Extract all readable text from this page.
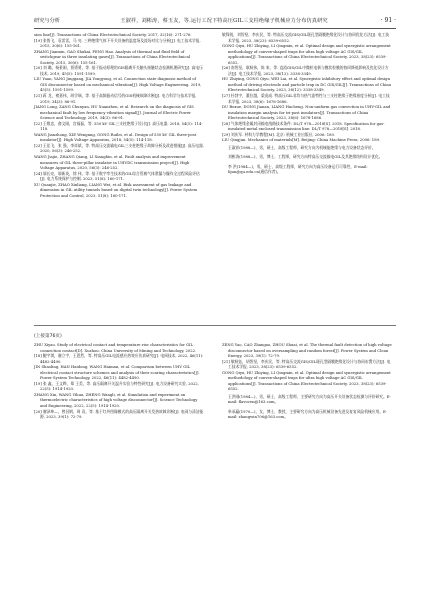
研究与分析	王淑祥，刘彬涛，蔡玉友，等.运行工况下特高压GIL三支柱绝缘子机械应力分布仿真研究	· 91 ·

sion line[J]. Transactions of China Electrotechnical Society, 2017, 32(16): 271-276.

[19] 张鲁飞，袁雷雷，马 亮. 三种绝缘气体下开关设备的温度场及流场对比与分析[J]. 电工技术学报, 2015, 30(6): 155-161.

ZHANG Jianmin, GAO Shukai, FENG Hao. Analysis of thermal and fluid field of switchgear in three insulating gases[J]. Transactions of China Electrotechnical Society, 2015, 30(6): 155-161.

[20] 刘 璐，杨景刚，贾勇勇，等. 基于振动原理的GIS隔离开关触头接触状态检测机理研究[J]. 高电压技术, 2019, 45(5): 1591-1599.

LIU Yuan, YANG Jinggang, JIA Yongyong, et al. Connection state diagnosis method of GIS disconnector based on mechanical vibration[J]. High Voltage Engineering, 2019, 45(5): 1591-1599.

[21] 蒋 龙，褚嘉伟，胡学瑞，等. 基于高频振动信号的GIS机械故障诊断[J]. 电力科学与技术学报, 2019, 34(3): 86-91.

JIANG Long, ZANG Chunyan, HU Xuanzhen, et al. Research on the diagnosis of GIS mechanical fault by low frequency vibration signal[J]. Journal of Electric Power Science and Technology, 2019, 34(3): 86-91.

[22] 王敬忠，俞文刚，宫福磊，等. 550 kV GIL三支柱绝缘子设计[J]. 高压电器, 2018, 54(5): 114-118.

WANG Jianzhong, XIE Wengang, GONG Ruilei, et al. Design of 550 kV GIL three-post insulator[J]. High Voltage Apparatus, 2018, 54(5): 114-118.

[23] 王佳飞，张 强，李祥斌，等. 特高压交流输电GIL三支柱绝缘子故障分析及改进措施[J]. 高压电器, 2020, 56(3): 246-252.

WANG Jiajie, ZHANG Qiang, LI Xiangbin, et al. Fault analysis and improvement measures of GIL three-pillar insulator in UHVDC transmission project[J]. High Voltage Apparatus, 2020, 56(3): 246-252.

[24] 邬长亮，邬新英，徐 伟，等. 基于数字孪生技术的GIL综合管廊气体泄漏与爆炸全过程风险评估[J]. 电力系统保护与控制, 2023, 51(8): 160-171.

XU Quanjie, ZHAO Xinliang, LIANG Wei, et al. Risk assessment of gas leakage and dimension in GIL utility tunnels based on digital twin technology[J]. Power System Protection and Control, 2023, 51(8): 160-171.

敏锋锐，刘智坚，李庆民，等. 特高压交流GIS/GIL斑孔型隔膜绝缘化设计与协同优化方法[J]. 电工技术学报, 2023, 38(23): 6539-6552.

GONG Qiyu, HU Zhiying, LI Qingmin, et al. Optimal design and synergistic arrangement methodology of convex-shaped traps for ultra high voltage AC GIS/GIL applications[J]. Transactions of China Electrotechnical Society, 2023, 38(23): 6539-6552.

[26] 南智坚，耿秋伟，陈 家，等. 直流GIS/GIL中微粒电极与膜状粒膜的协同降低影响及优化设计方法[J]. 电工技术学报, 2023, 38(12): 3338-3349.

HU Zhiying, GONG Qiyu, WEI Lai, et al. Synergistic inhibitory effect and optimal design method of driving electrode and particle trap in DC GIS/GIL[J]. Transactions of China Electrotechnical Society, 2023, 38(12): 3338-3349.

[27] 杜勃宇，董拉越，梁虎成. 特高压GIL非均匀热气流特性与三支柱绝缘子绝缘裕度分析[J]. 电工技术学报, 2023, 38(6): 1678-1686.

DU Boxue, DONG Jianan, LIANG Hucheng. Non-uniform gas convection in UHV-GIL and insulation margin analysis for tri-post insulators[J]. Transactions of China Electrotechnical Society, 2023, 38(6): 1678-1686.

[28] 气体绝缘金属封闭输电线路技术条件: DL/T 978—2018[S]. 2018. Specification for gas-insulated metal enclosed transmission line: DL/T 978—2018[S]. 2018.

[29] 刘庆军. 材料力学教程[M]. 北京: 机械工业出版社, 2006: 189.

LIU Qingjun. Mechanics of materials[M]. Beijing: China Machine Press, 2006: 189.

王淑祥(1988—)，男，硕士，高级工程师，研究方向为机械能绝缘与电力设备状态评价。

刘彬涛(1988—)，男，博士，工程师，研究方向特高压交流输电GIL及其绝缘结构设计优化。

李 洪(1984—)，男，硕士，高级工程师，研究方向为高压设备运行可靠性，E-mail: lijun@qu.edu.cn(通信作者)。

(上接第76页)

ZHU Xiyao. Study of electrical contact and temperature rise characteristics for GIL connection contact[D]. Xuzhou: China University of Mining and Technology, 2022.

[18] 鲍宇琪，谢立宇，王恩然，等. 特高压GIL电流感应热效应仿真研究[J]. 电网技术, 2022, 46(11): 4482-4490.

JIN Shaoling, HAN Haidong, WANG Haiman, et al. Comparison between UHV GIL electrical contact structure schemes and analysis of their scaring characteristics[J]. Power System Technology, 2022, 46(11): 4482-4490.

[19] 张 鑫，王文晔，郑 王美，等. 高压隔离开关温升实验与特性研究[J]. 电力设备研究实验, 2022, 22(5): 1914-1920.

ZHANG Xin, WANG Yihua, ZHENG Wangli, et al. Simulation and experiment on thermoelectric characteristics of high voltage disconnector[J]. Science Technology and Engineering, 2022, 22(5): 1914-1920.

[20] 谢泽坤—，曾昌钢，周 袁，等. 基于红外图像模式的高压隔离开关发热故障诊断[J]. 电网与清洁能源, 2023, 39(1): 72-79.

ZENG Yao, CAO Zhangao, ZHOU Shuai, et al. The thermal fault detection of high voltage disconnector based on oversampling and random forest[J]. Power System and Clean Energy, 2023, 39(1): 72-79.

[21] 敏秋钰，胡智坚，李庆民，等. 特高压交流GIS/GIL斑孔型隔膜绝缘化设计与协同布置方法[J]. 电工技术学报, 2023, 38(23): 6539-6552.

GONG Qiyu, HU Zhiying, LI Qingmin, et al. Optimal design and synergistic arrangement methodology of convex-shaped traps for ultra high voltage AC GIS/GIL applications[J]. Transactions of China Electrotechnical Society, 2023, 38(23): 6539-6552.

王洪刚(1984—)，男，硕士，高级工程师，主要研究方向为高压开关设备状态检测与评价研究。E-mail: flavocen@163.com。

单承赢(1970—)，女，博士，教授，主要研究方向为高压机械设备先进及复复风险机械应用。E-mail: zhangwin706@163.com。
